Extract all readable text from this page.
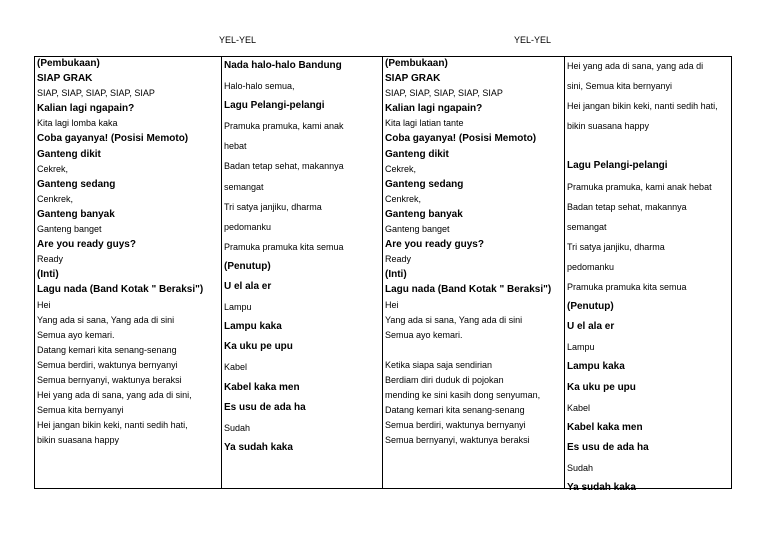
YEL-YEL	YEL-YEL
(Pembukaan)
SIAP GRAK
SIAP, SIAP, SIAP, SIAP, SIAP
Kalian lagi ngapain?
Kita lagi lomba kaka
Coba gayanya! (Posisi Memoto)
Ganteng dikit
Cekrek,
Ganteng sedang
Cenkrek,
Ganteng banyak
Ganteng banget
Are you ready guys?
Ready
(Inti)
Lagu nada (Band Kotak " Beraksi")
Hei
Yang ada si sana, Yang ada di sini
Semua ayo kemari.
Datang kemari kita senang-senang
Semua berdiri, waktunya bernyanyi
Semua bernyanyi, waktunya beraksi
Hei yang ada di sana, yang ada di sini,
Semua kita bernyanyi
Hei jangan bikin keki, nanti sedih hati,
bikin suasana happy
Nada halo-halo Bandung
Halo-halo semua,
Lagu Pelangi-pelangi
Pramuka pramuka, kami anak
hebat
Badan tetap sehat, makannya
semangat
Tri satya janjiku, dharma
pedomanku
Pramuka pramuka kita semua
(Penutup)
U el ala er
Lampu
Lampu kaka
Ka uku pe upu
Kabel
Kabel kaka men
Es usu de ada ha
Sudah
Ya sudah kaka
(Pembukaan)
SIAP GRAK
SIAP, SIAP, SIAP, SIAP, SIAP
Kalian lagi ngapain?
Kita lagi latian tante
Coba gayanya! (Posisi Memoto)
Ganteng dikit
Cekrek,
Ganteng sedang
Cenkrek,
Ganteng banyak
Ganteng banget
Are you ready guys?
Ready
(Inti)
Lagu nada (Band Kotak " Beraksi")
Hei
Yang ada si sana, Yang ada di sini
Semua ayo kemari.
Ketika siapa saja sendirian
Berdiam diri duduk di pojokan
mending ke sini kasih dong senyuman,
Datang kemari kita senang-senang
Semua berdiri, waktunya bernyanyi
Semua bernyanyi, waktunya beraksi
Hei yang ada di sana, yang ada di
sini, Semua kita bernyanyi
Hei jangan bikin keki, nanti sedih hati,
bikin suasana happy
Lagu Pelangi-pelangi
Pramuka pramuka, kami anak hebat
Badan tetap sehat, makannya
semangat
Tri satya janjiku, dharma
pedomanku
Pramuka pramuka kita semua
(Penutup)
U el ala er
Lampu
Lampu kaka
Ka uku pe upu
Kabel
Kabel kaka men
Es usu de ada ha
Sudah
Ya sudah kaka
